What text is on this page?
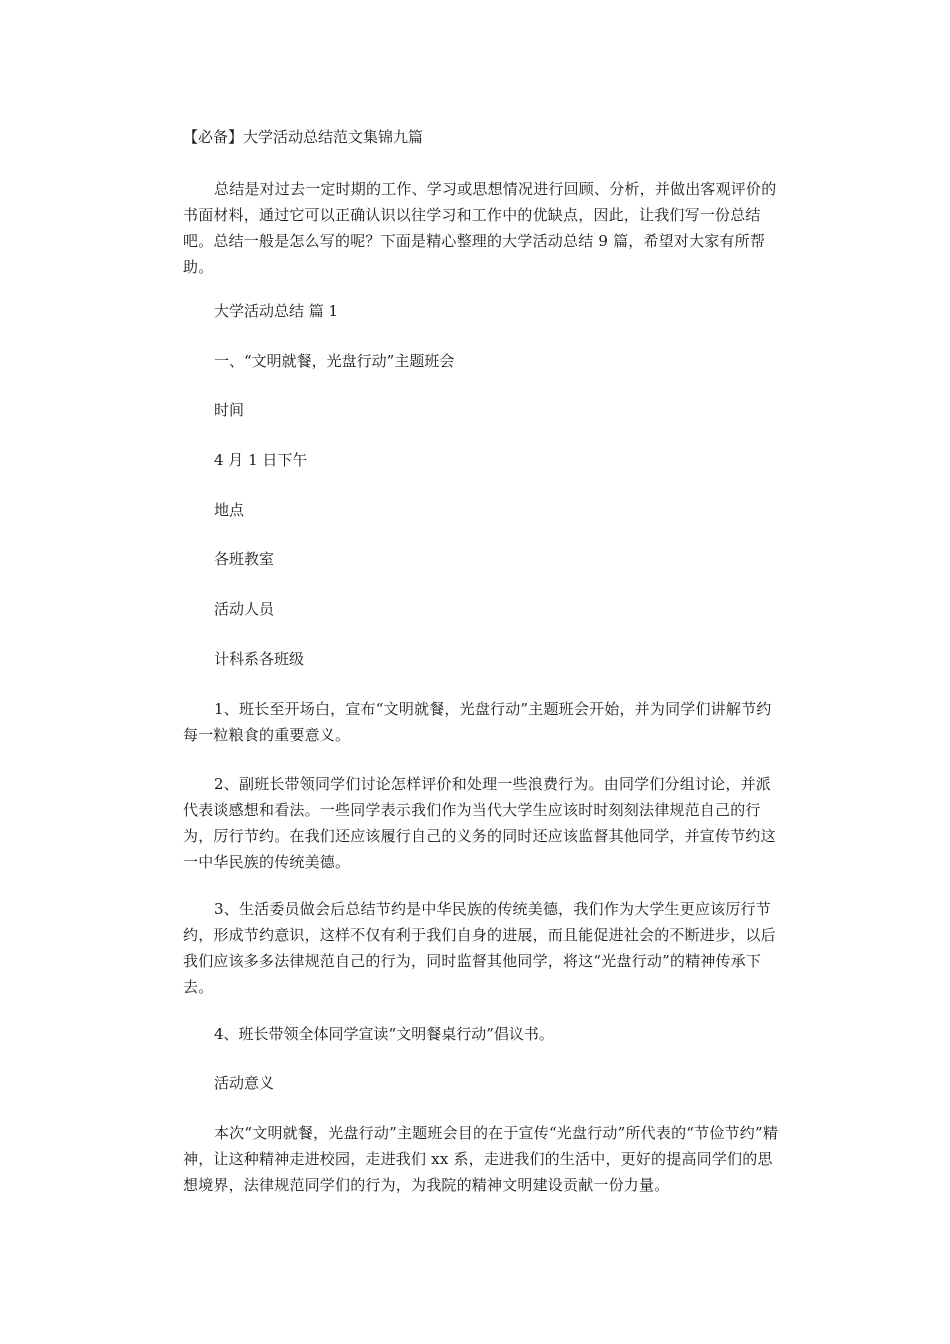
【必备】大学活动总结范文集锦九篇
总结是对过去一定时期的工作、学习或思想情况进行回顾、分析，并做出客观评价的书面材料，通过它可以正确认识以往学习和工作中的优缺点，因此，让我们写一份总结吧。总结一般是怎么写的呢？下面是精心整理的大学活动总结 9 篇，希望对大家有所帮助。
大学活动总结 篇 1
一、“文明就餐，光盘行动”主题班会
时间
4 月 1 日下午
地点
各班教室
活动人员
计科系各班级
1、班长至开场白，宣布“文明就餐，光盘行动”主题班会开始，并为同学们讲解节约每一粒粮食的重要意义。
2、副班长带领同学们讨论怎样评价和处理一些浪费行为。由同学们分组讨论，并派代表谈感想和看法。一些同学表示我们作为当代大学生应该时时刻刻法律规范自己的行为，厉行节约。在我们还应该履行自己的义务的同时还应该监督其他同学，并宣传节约这一中华民族的传统美德。
3、生活委员做会后总结节约是中华民族的传统美德，我们作为大学生更应该厉行节约，形成节约意识，这样不仅有利于我们自身的进展，而且能促进社会的不断进步，以后我们应该多多法律规范自己的行为，同时监督其他同学，将这“光盘行动”的精神传承下去。
4、班长带领全体同学宣读“文明餐桌行动”倡议书。
活动意义
本次“文明就餐，光盘行动”主题班会目的在于宣传“光盘行动”所代表的“节俭节约”精神，让这种精神走进校园，走进我们 xx 系，走进我们的生活中，更好的提高同学们的思想境界，法律规范同学们的行为，为我院的精神文明建设贡献一份力量。
